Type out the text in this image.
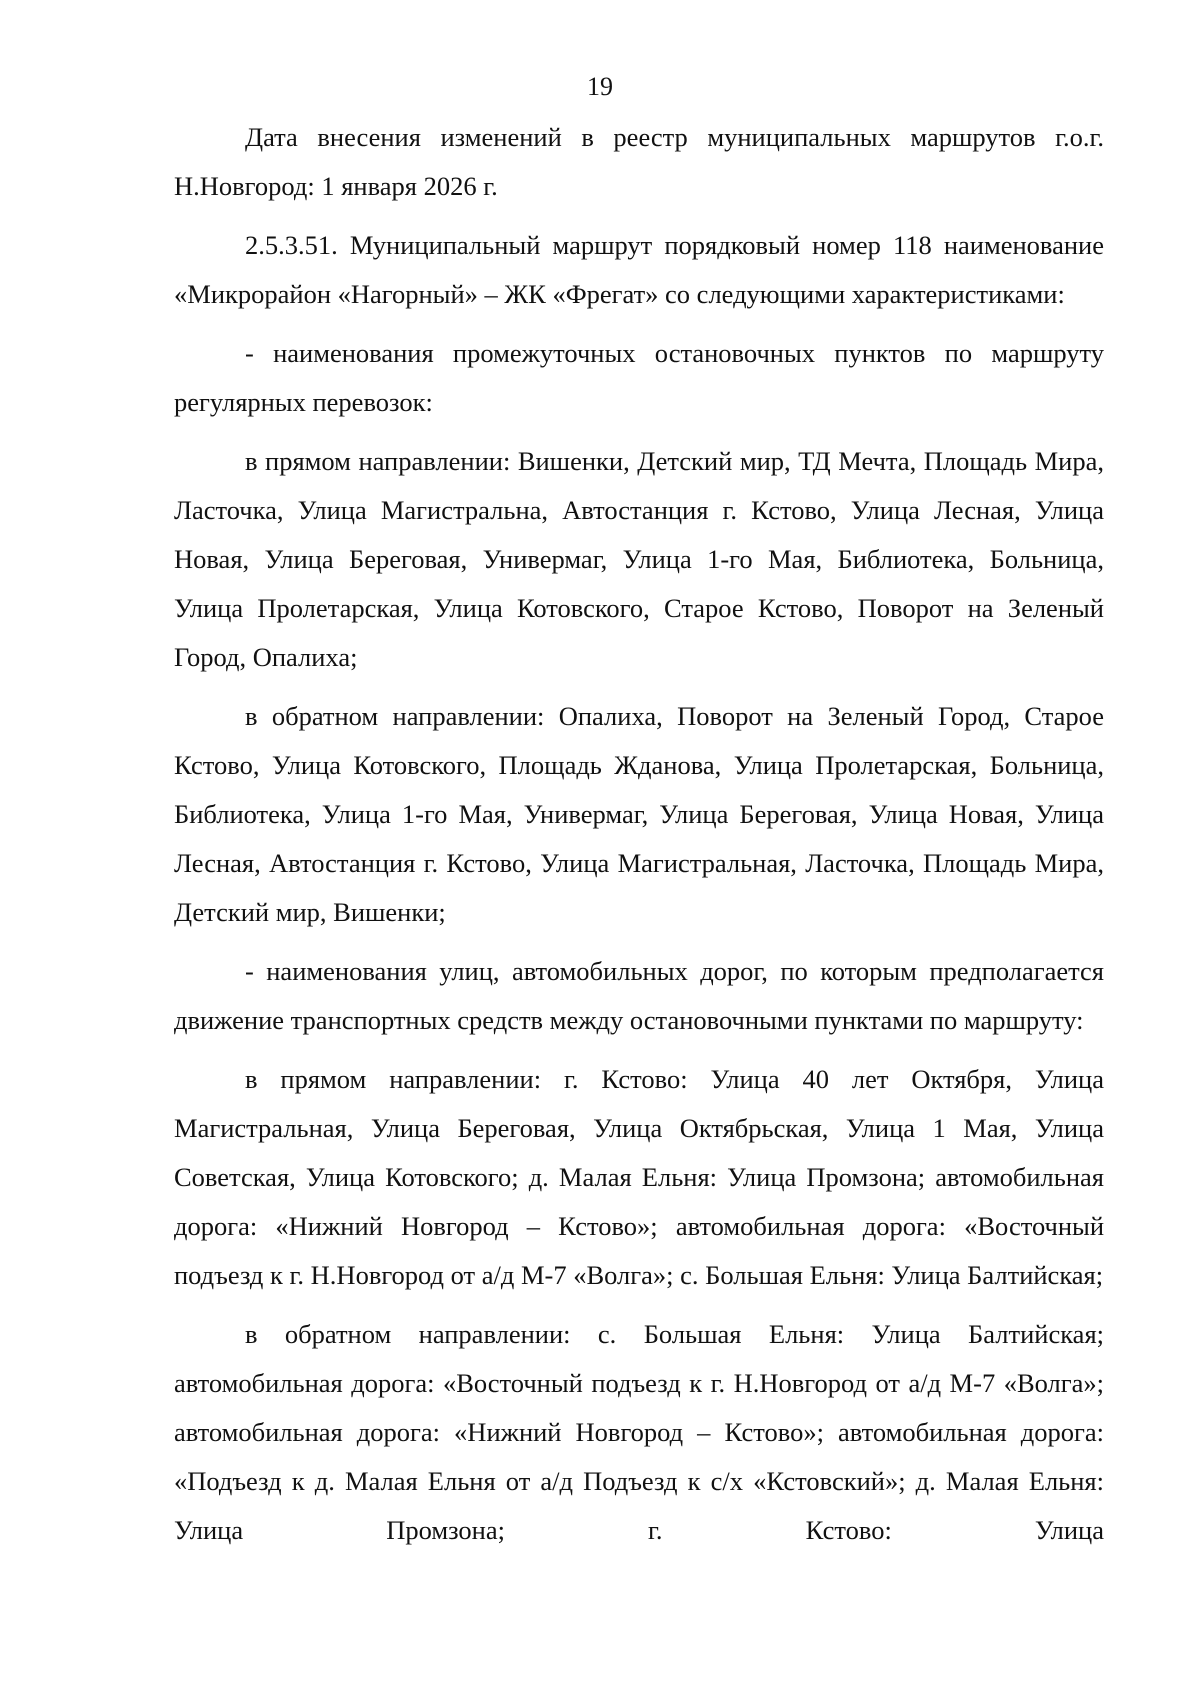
19

Дата внесения изменений в реестр муниципальных маршрутов г.о.г. Н.Новгород: 1 января 2026 г.

2.5.3.51. Муниципальный маршрут порядковый номер 118 наименование «Микрорайон «Нагорный» – ЖК «Фрегат» со следующими характеристиками:

- наименования промежуточных остановочных пунктов по маршруту регулярных перевозок:

в прямом направлении: Вишенки, Детский мир, ТД Мечта, Площадь Мира, Ласточка, Улица Магистральна, Автостанция г. Кстово, Улица Лесная, Улица Новая, Улица Береговая, Универмаг, Улица 1-го Мая, Библиотека, Больница, Улица Пролетарская, Улица Котовского, Старое Кстово, Поворот на Зеленый Город, Опалиха;

в обратном направлении: Опалиха, Поворот на Зеленый Город, Старое Кстово, Улица Котовского, Площадь Жданова, Улица Пролетарская, Больница, Библиотека, Улица 1-го Мая, Универмаг, Улица Береговая, Улица Новая, Улица Лесная, Автостанция г. Кстово, Улица Магистральная, Ласточка, Площадь Мира, Детский мир, Вишенки;

- наименования улиц, автомобильных дорог, по которым предполагается движение транспортных средств между остановочными пунктами по маршруту:

в прямом направлении: г. Кстово: Улица 40 лет Октября, Улица Магистральная, Улица Береговая, Улица Октябрьская, Улица 1 Мая, Улица Советская, Улица Котовского; д. Малая Ельня: Улица Промзона; автомобильная дорога: «Нижний Новгород – Кстово»; автомобильная дорога: «Восточный подъезд к г. Н.Новгород от а/д М-7 «Волга»; с. Большая Ельня: Улица Балтийская;

в обратном направлении: с. Большая Ельня: Улица Балтийская; автомобильная дорога: «Восточный подъезд к г. Н.Новгород от а/д М-7 «Волга»; автомобильная дорога: «Нижний Новгород – Кстово»; автомобильная дорога: «Подъезд к д. Малая Ельня от а/д Подъезд к с/х «Кстовский»; д. Малая Ельня: Улица Промзона; г. Кстово: Улица
